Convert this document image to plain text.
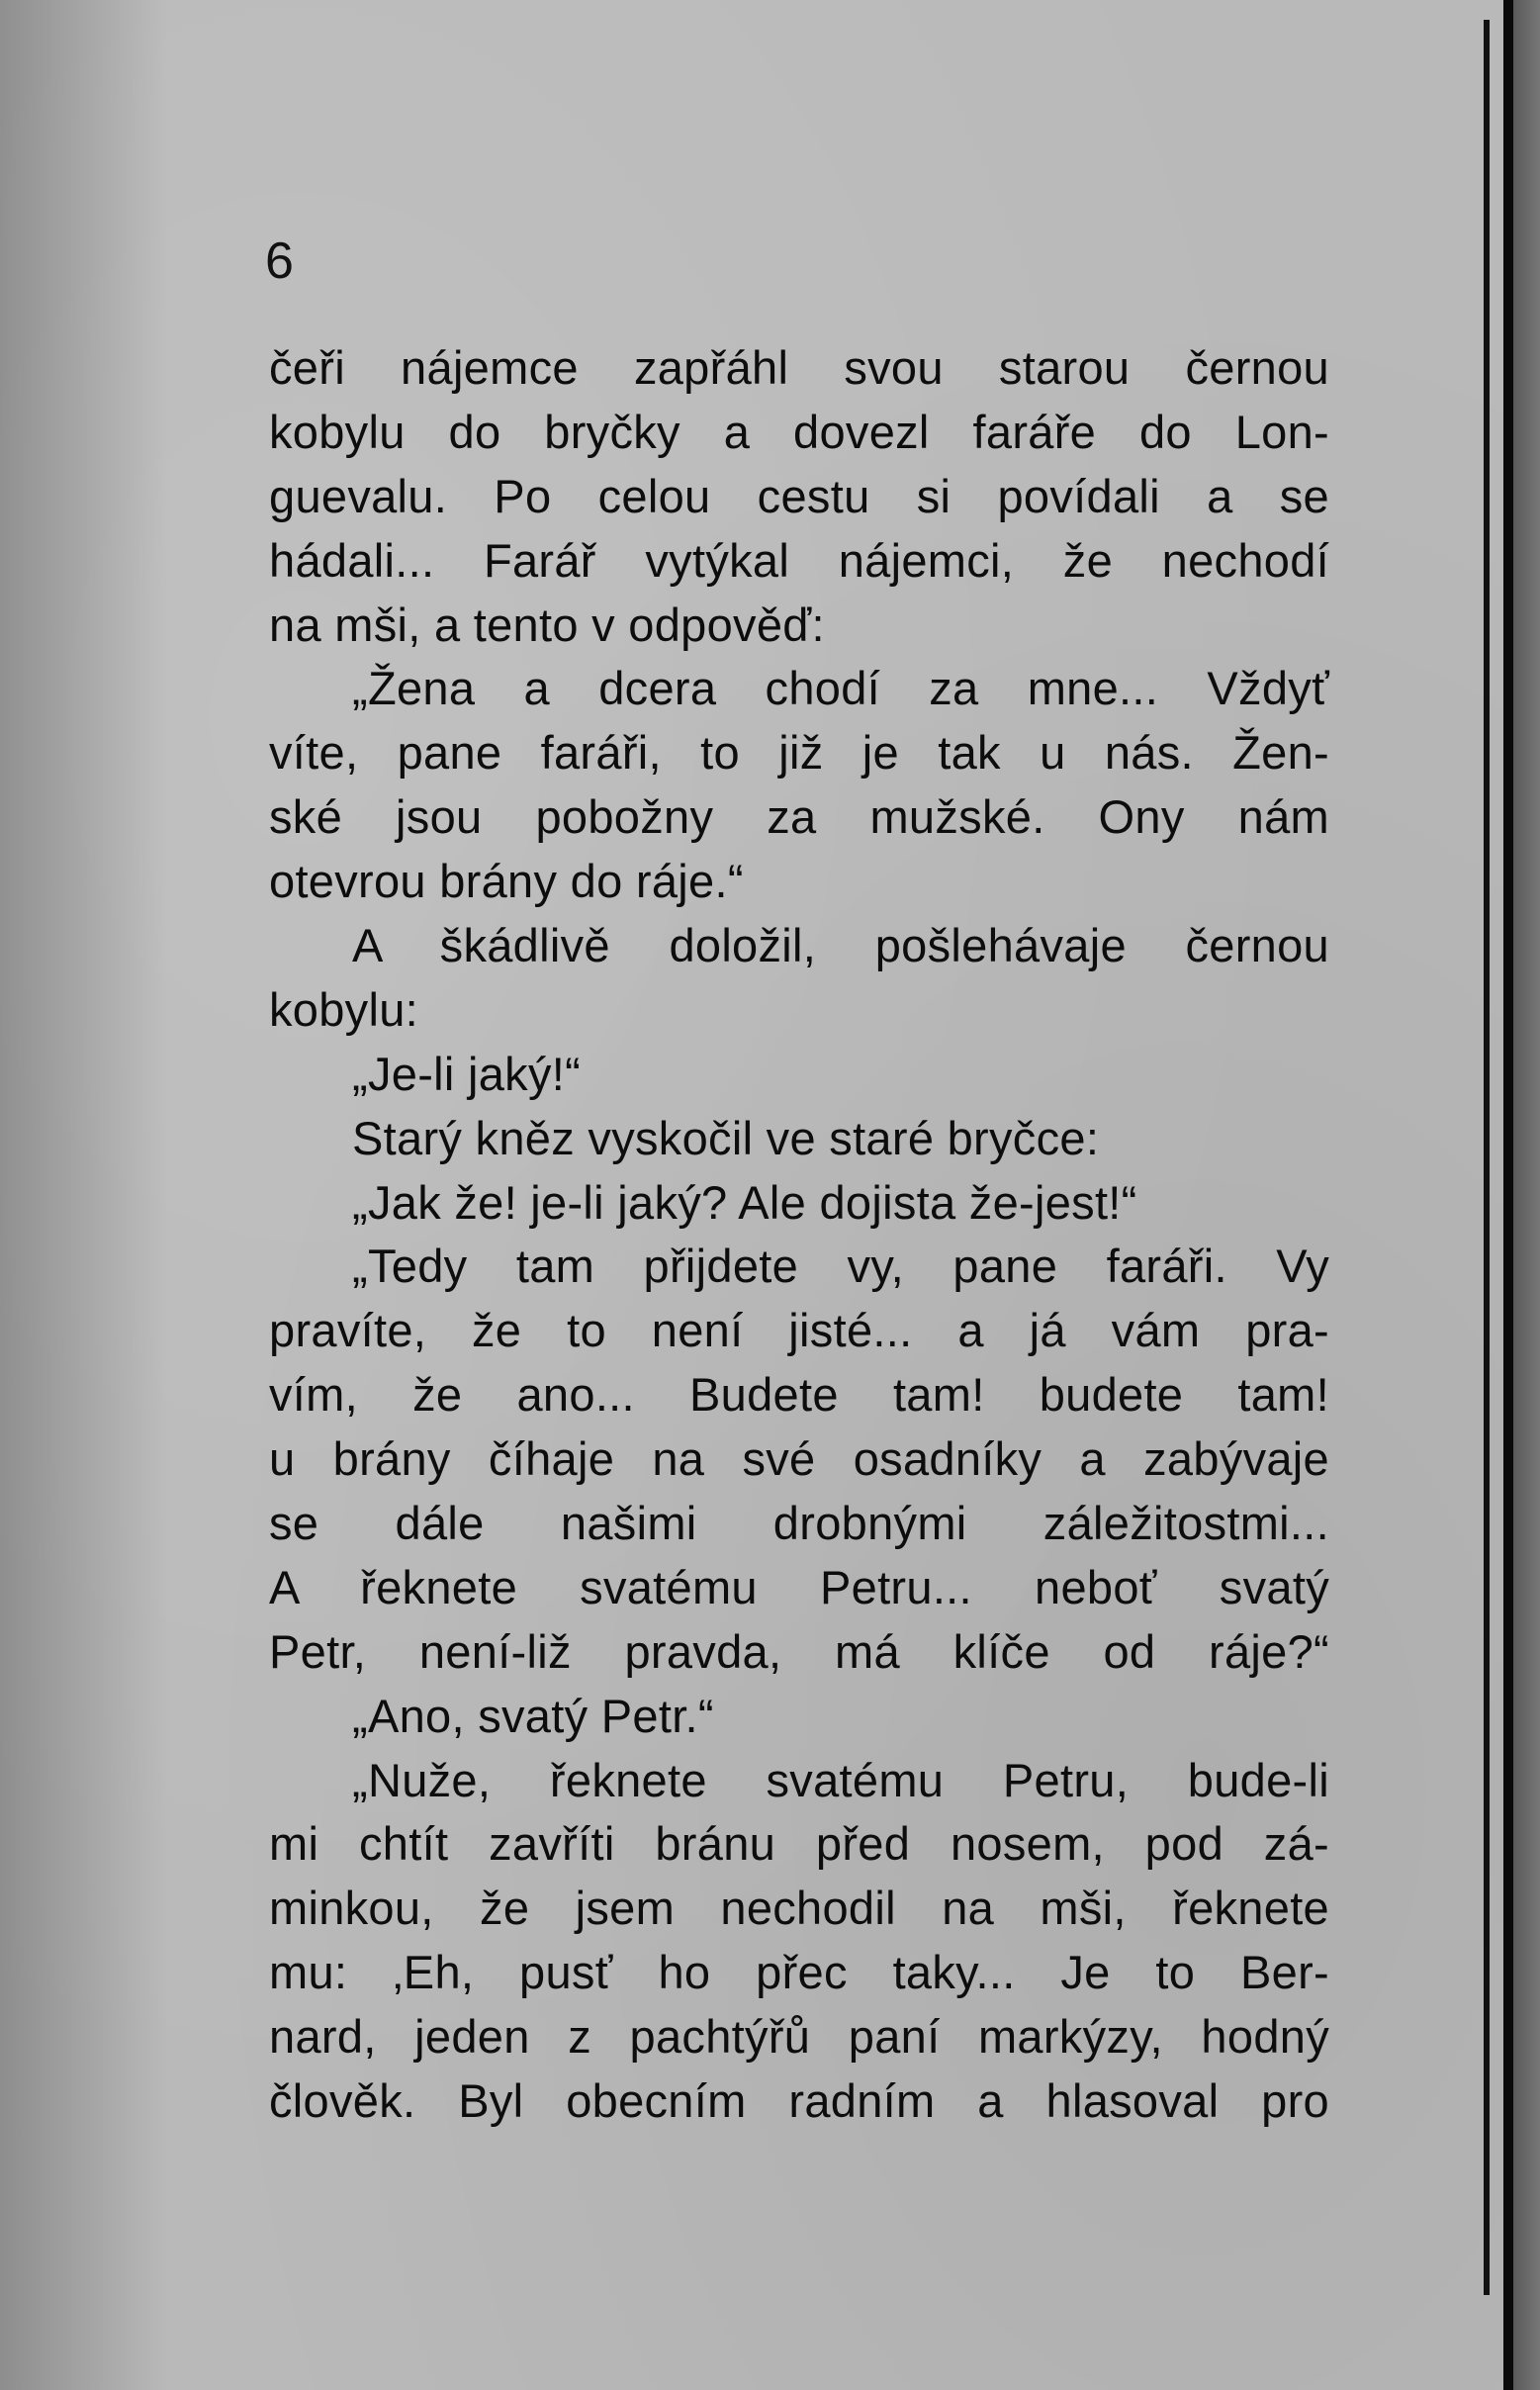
6
čeři nájemce zapřáhl svou starou černou
kobylu do bryčky a dovezl faráře do Lon-
guevalu. Po celou cestu si povídali a se
hádali... Farář vytýkal nájemci, že nechodí
na mši, a tento v odpověď:
„Žena a dcera chodí za mne... Vždyť
víte, pane faráři, to již je tak u nás. Žen-
ské jsou pobožny za mužské. Ony nám
otevrou brány do ráje.“
A škádlivě doložil, pošlehávaje černou
kobylu:
„Je-li jaký!“
Starý kněz vyskočil ve staré bryčce:
„Jak že! je-li jaký? Ale dojista že-jest!“
„Tedy tam přijdete vy, pane faráři. Vy
pravíte, že to není jisté... a já vám pra-
vím, že ano... Budete tam! budete tam!
u brány číhaje na své osadníky a zabývaje
se dále našimi drobnými záležitostmi...
A řeknete svatému Petru... neboť svatý
Petr, není-liž pravda, má klíče od ráje?“
„Ano, svatý Petr.“
„Nuže, řeknete svatému Petru, bude-li
mi chtít zavříti bránu před nosem, pod zá-
minkou, že jsem nechodil na mši, řeknete
mu: ‚Eh, pusť ho přec taky... Je to Ber-
nard, jeden z pachtýřů paní markýzy, hodný
člověk. Byl obecním radním a hlasoval pro
